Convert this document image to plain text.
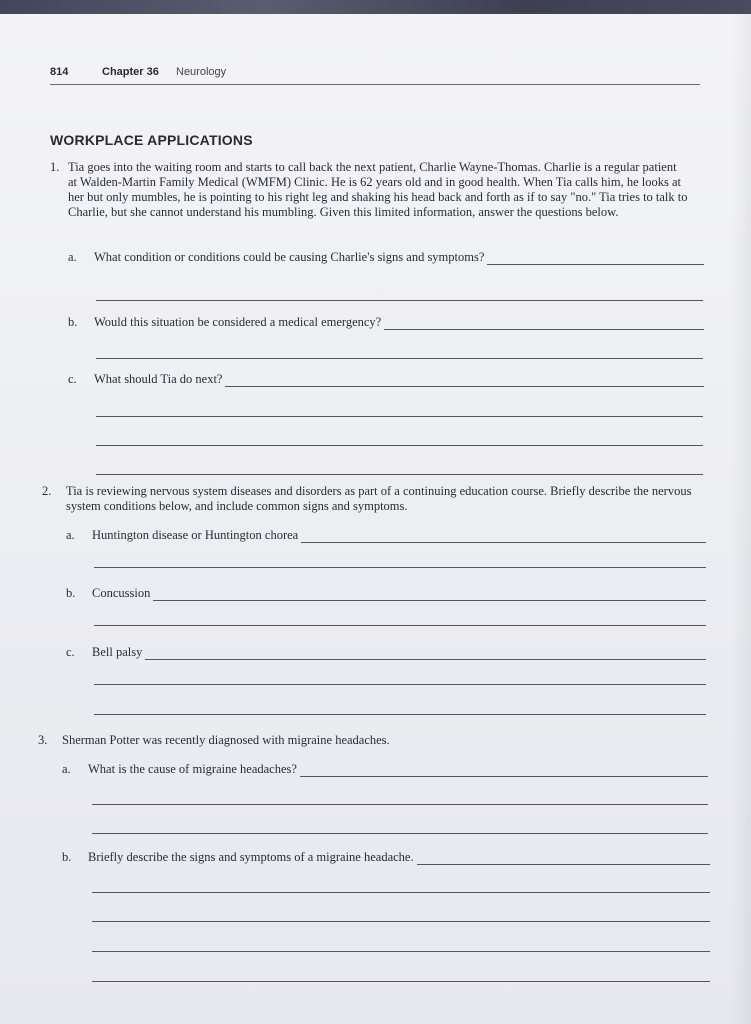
814	Chapter 36 Neurology
WORKPLACE APPLICATIONS
1. Tia goes into the waiting room and starts to call back the next patient, Charlie Wayne-Thomas. Charlie is a regular patient at Walden-Martin Family Medical (WMFM) Clinic. He is 62 years old and in good health. When Tia calls him, he looks at her but only mumbles, he is pointing to his right leg and shaking his head back and forth as if to say "no." Tia tries to talk to Charlie, but she cannot understand his mumbling. Given this limited information, answer the questions below.
a.	What condition or conditions could be causing Charlie's signs and symptoms?
b.	Would this situation be considered a medical emergency?
c.	What should Tia do next?
2. Tia is reviewing nervous system diseases and disorders as part of a continuing education course. Briefly describe the nervous system conditions below, and include common signs and symptoms.
a.	Huntington disease or Huntington chorea
b.	Concussion
c.	Bell palsy
3. Sherman Potter was recently diagnosed with migraine headaches.
a.	What is the cause of migraine headaches?
b.	Briefly describe the signs and symptoms of a migraine headache.
